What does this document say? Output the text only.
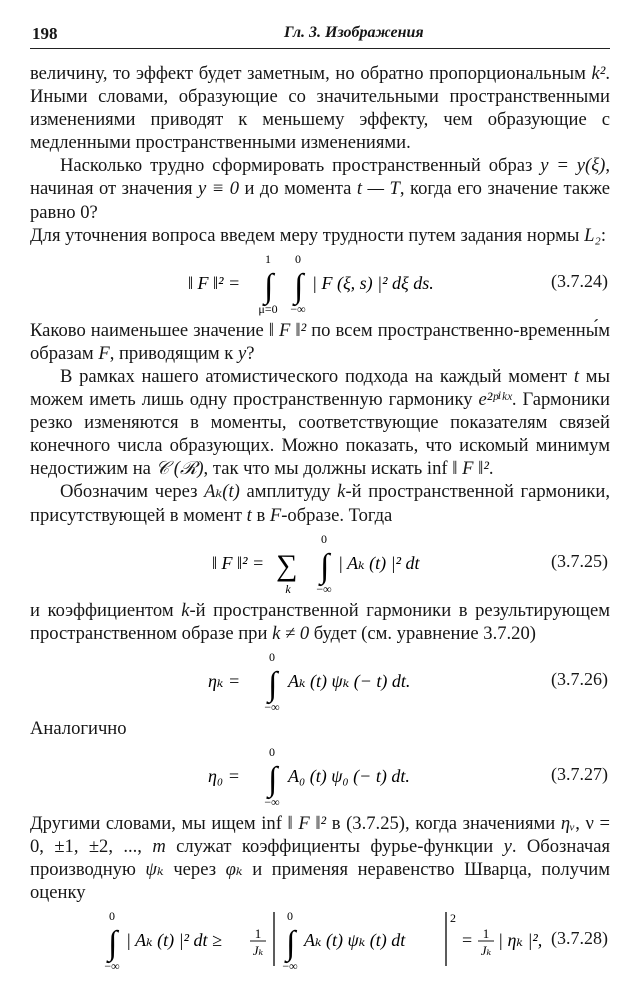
198	Гл. 3. Изображения

величину, то эффект будет заметным, но обратно пропорциональным k². Иными словами, образующие со значительными пространственными изменениями приводят к меньшему эффекту, чем образующие с медленными пространственными изменениями.

Насколько трудно сформировать пространственный образ y = y(ξ), начиная от значения y ≡ 0 и до момента t — T, когда его значение также равно 0?

Для уточнения вопроса введем меру трудности путем задания нормы L₂:

‖ F ‖² =
1
∫
μ=0
0
∫
−∞
| F (ξ, s) |² dξ ds.	(3.7.24)

Каково наименьшее значение ‖ F ‖² по всем пространственно-временны́м образам F, приводящим к y?

В рамках нашего атомистического подхода на каждый момент t мы можем иметь лишь одну пространственную гармонику e²ᵖⁱᵏˣ. Гармоники резко изменяются в моменты, соответствующие показателям связей конечного числа образующих. Можно показать, что искомый минимум недостижим на 𝒞 (ℛ), так что мы должны искать inf ‖ F ‖².

Обозначим через Aₖ(t) амплитуду k-й пространственной гармоники, присутствующей в момент t в F-образе. Тогда

‖ F ‖² = ∑
k
0
∫
−∞
| Aₖ (t) |² dt	(3.7.25)

и коэффициентом k-й пространственной гармоники в результирующем пространственном образе при k ≠ 0 будет (см. уравнение 3.7.20)

ηₖ =
0
∫
−∞
Aₖ (t) ψₖ (− t) dt.	(3.7.26)

Аналогично

η₀ =
0
∫
−∞
A₀ (t) ψ₀ (− t) dt.	(3.7.27)

Другими словами, мы ищем inf ‖ F ‖² в (3.7.25), когда значениями ηᵥ, ν = 0, ±1, ±2, ..., m служат коэффициенты фурье-функции y. Обозначая производную ψₖ через φₖ и применяя неравенство Шварца, получим оценку

0
∫
−∞
| Aₖ (t) |² dt ≥	1
Jₖ
0
∫
−∞
Aₖ (t) ψₖ (t) dt
2
= 1
Jₖ
| ηₖ |², (3.7.28)
